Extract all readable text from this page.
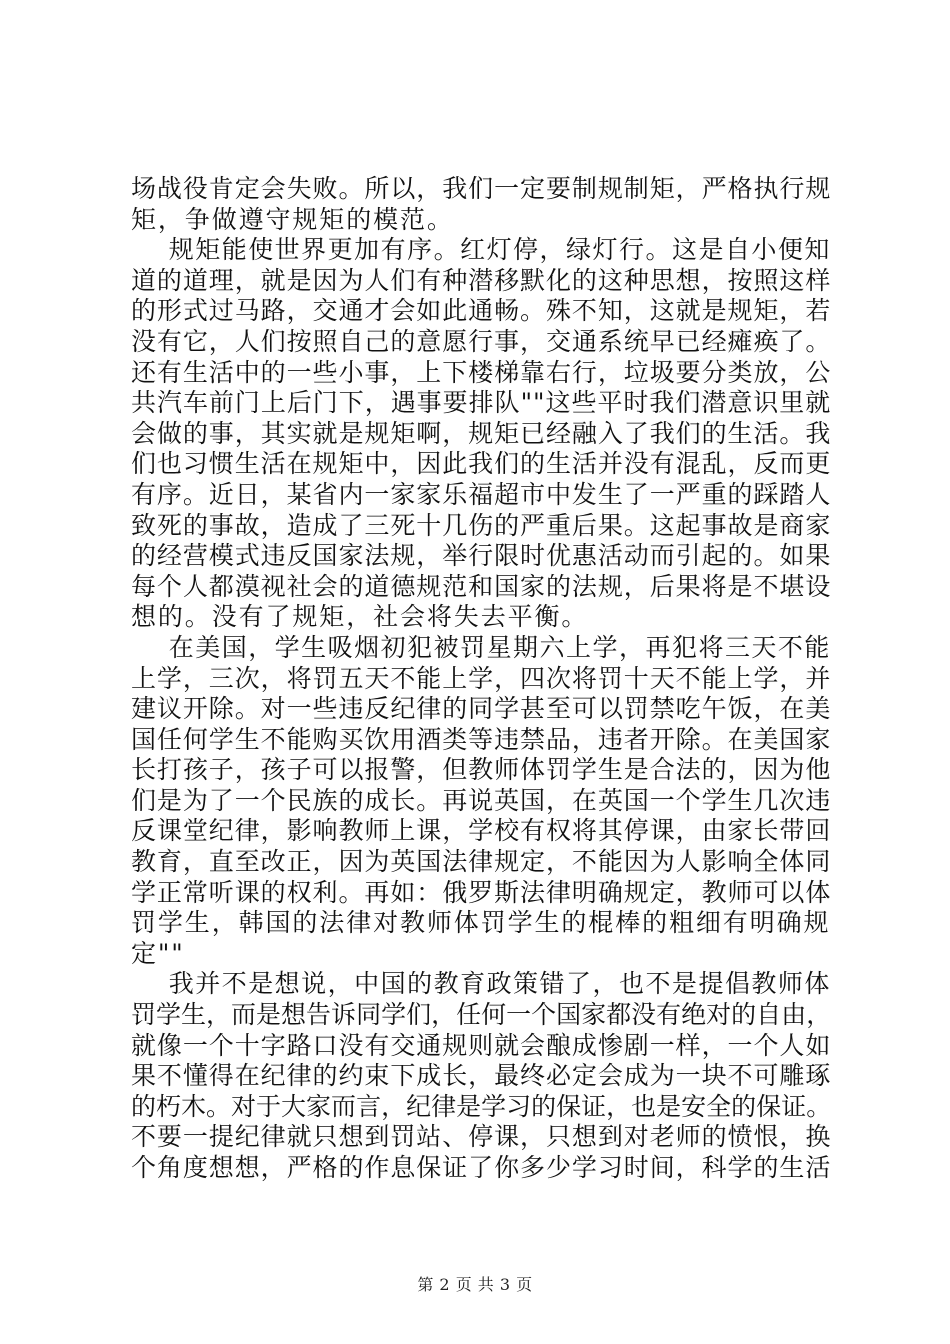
场战役肯定会失败。所以，我们一定要制规制矩，严格执行规
矩，争做遵守规矩的模范。
规矩能使世界更加有序。红灯停，绿灯行。这是自小便知
道的道理，就是因为人们有种潜移默化的这种思想，按照这样
的形式过马路，交通才会如此通畅。殊不知，这就是规矩，若
没有它，人们按照自己的意愿行事，交通系统早已经瘫痪了。
还有生活中的一些小事，上下楼梯靠右行，垃圾要分类放，公
共汽车前门上后门下，遇事要排队""这些平时我们潜意识里就
会做的事，其实就是规矩啊，规矩已经融入了我们的生活。我
们也习惯生活在规矩中，因此我们的生活并没有混乱，反而更
有序。近日，某省内一家家乐福超市中发生了一严重的踩踏人
致死的事故，造成了三死十几伤的严重后果。这起事故是商家
的经营模式违反国家法规，举行限时优惠活动而引起的。如果
每个人都漠视社会的道德规范和国家的法规，后果将是不堪设
想的。没有了规矩，社会将失去平衡。
在美国，学生吸烟初犯被罚星期六上学，再犯将三天不能
上学，三次，将罚五天不能上学，四次将罚十天不能上学，并
建议开除。对一些违反纪律的同学甚至可以罚禁吃午饭，在美
国任何学生不能购买饮用酒类等违禁品，违者开除。在美国家
长打孩子，孩子可以报警，但教师体罚学生是合法的，因为他
们是为了一个民族的成长。再说英国，在英国一个学生几次违
反课堂纪律，影响教师上课，学校有权将其停课，由家长带回
教育，直至改正，因为英国法律规定，不能因为人影响全体同
学正常听课的权利。再如：俄罗斯法律明确规定，教师可以体
罚学生，韩国的法律对教师体罚学生的棍棒的粗细有明确规
定""
我并不是想说，中国的教育政策错了，也不是提倡教师体
罚学生，而是想告诉同学们，任何一个国家都没有绝对的自由，
就像一个十字路口没有交通规则就会酿成惨剧一样，一个人如
果不懂得在纪律的约束下成长，最终必定会成为一块不可雕琢
的朽木。对于大家而言，纪律是学习的保证，也是安全的保证。
不要一提纪律就只想到罚站、停课，只想到对老师的愤恨，换
个角度想想，严格的作息保证了你多少学习时间，科学的生活
第 2 页 共 3 页
